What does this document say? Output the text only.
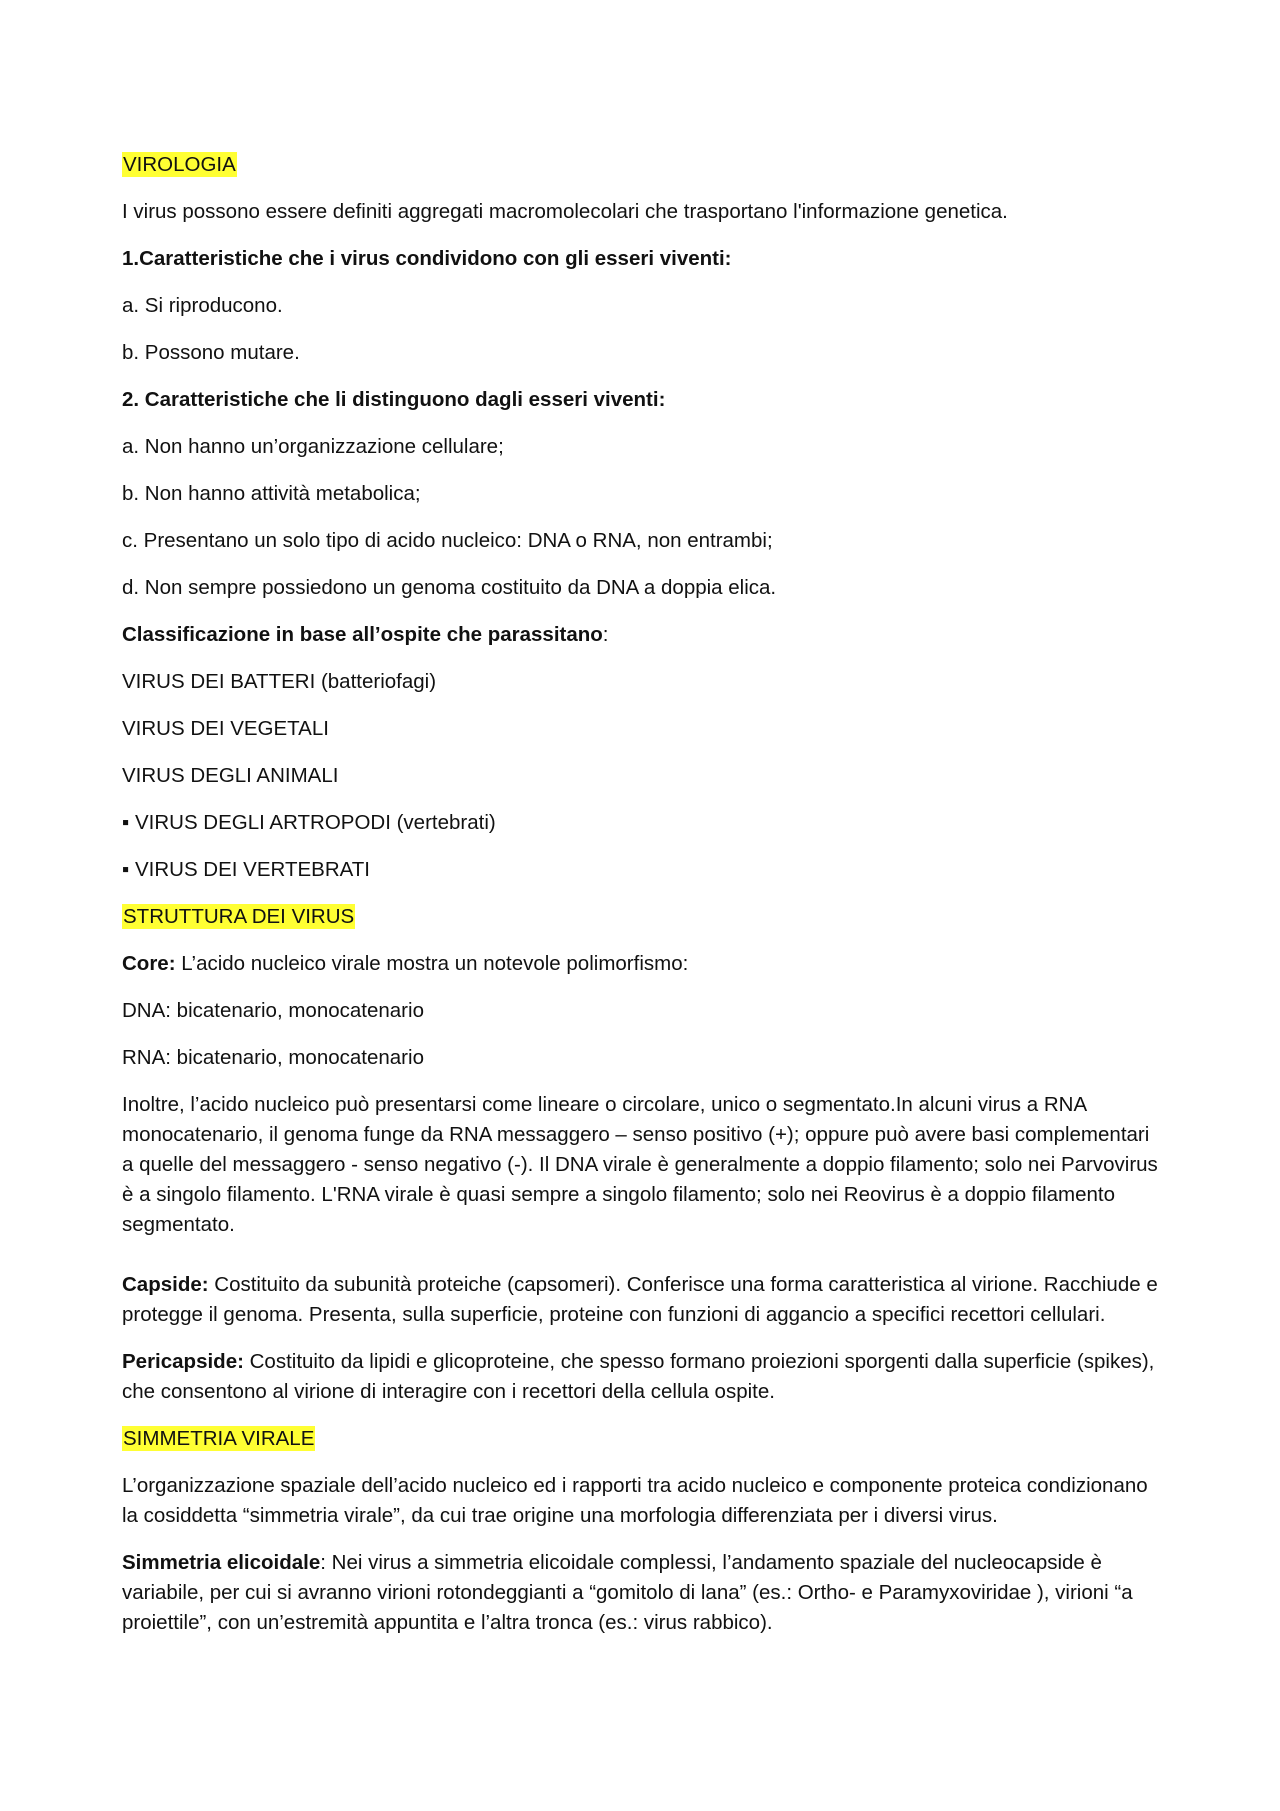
VIROLOGIA

I virus possono essere definiti aggregati macromolecolari che trasportano l'informazione genetica.

1.Caratteristiche che i virus condividono con gli esseri viventi:

a. Si riproducono.

b. Possono mutare.

2. Caratteristiche che li distinguono dagli esseri viventi:

a. Non hanno un’organizzazione cellulare;

b. Non hanno attività metabolica;

c. Presentano un solo tipo di acido nucleico: DNA o RNA, non entrambi;

d. Non sempre possiedono un genoma costituito da DNA a doppia elica.

Classificazione in base all’ospite che parassitano:

VIRUS DEI BATTERI (batteriofagi)

VIRUS DEI VEGETALI

VIRUS DEGLI ANIMALI

▪ VIRUS DEGLI ARTROPODI (vertebrati)

▪ VIRUS DEI VERTEBRATI

STRUTTURA DEI VIRUS

Core: L’acido nucleico virale mostra un notevole polimorfismo:

DNA: bicatenario, monocatenario

RNA: bicatenario, monocatenario

Inoltre, l’acido nucleico può presentarsi come lineare o circolare, unico o segmentato.In alcuni virus a RNA monocatenario, il genoma funge da RNA messaggero – senso positivo (+); oppure può avere basi complementari a quelle del messaggero - senso negativo (-). Il DNA virale è generalmente a doppio filamento; solo nei Parvovirus è a singolo filamento. L'RNA virale è quasi sempre a singolo filamento; solo nei Reovirus è a doppio filamento segmentato.

Capside: Costituito da subunità proteiche (capsomeri). Conferisce una forma caratteristica al virione. Racchiude e protegge il genoma. Presenta, sulla superficie, proteine con funzioni di aggancio a specifici recettori cellulari.

Pericapside: Costituito da lipidi e glicoproteine, che spesso formano proiezioni sporgenti dalla superficie (spikes), che consentono al virione di interagire con i recettori della cellula ospite.

SIMMETRIA VIRALE

L’organizzazione spaziale dell’acido nucleico ed i rapporti tra acido nucleico e componente proteica condizionano la cosiddetta “simmetria virale”, da cui trae origine una morfologia differenziata per i diversi virus.

Simmetria elicoidale: Nei virus a simmetria elicoidale complessi, l’andamento spaziale del nucleocapside è variabile, per cui si avranno virioni rotondeggianti a “gomitolo di lana” (es.: Ortho- e Paramyxoviridae ), virioni “a proiettile”, con un’estremità appuntita e l’altra tronca (es.: virus rabbico).
